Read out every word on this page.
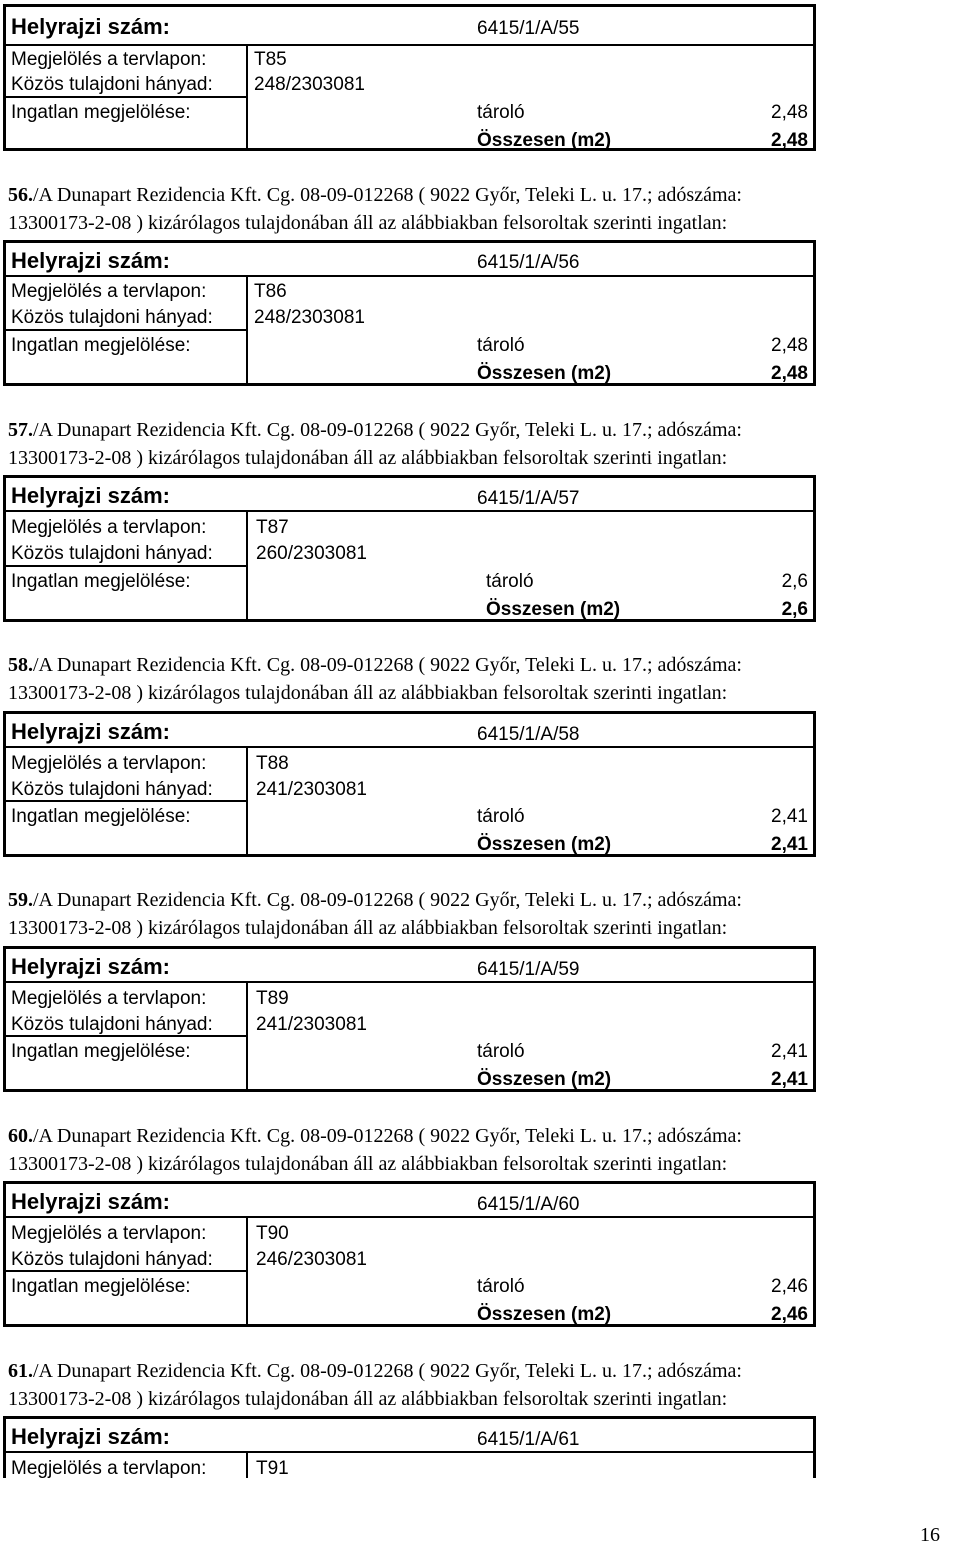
Helyrajzi szám:	6415/1/A/55
Megjelölés a tervlapon:	T85
Közös tulajdoni hányad: 248/2303081
Ingatlan megjelölése:	tároló	2,48
Összesen (m2)	2,48
56./A Dunapart Rezidencia Kft. Cg. 08-09-012268 ( 9022 Győr, Teleki L. u. 17.; adószáma:
13300173-2-08 ) kizárólagos tulajdonában áll az alábbiakban felsoroltak szerinti ingatlan:
Helyrajzi szám:	6415/1/A/56
Megjelölés a tervlapon:	T86
Közös tulajdoni hányad: 248/2303081
Ingatlan megjelölése:	tároló	2,48
Összesen (m2)	2,48
57./A Dunapart Rezidencia Kft. Cg. 08-09-012268 ( 9022 Győr, Teleki L. u. 17.; adószáma:
13300173-2-08 ) kizárólagos tulajdonában áll az alábbiakban felsoroltak szerinti ingatlan:
Helyrajzi szám:	6415/1/A/57
Megjelölés a tervlapon:	T87
Közös tulajdoni hányad: 260/2303081
Ingatlan megjelölése:	tároló	2,6
Összesen (m2)	2,6
58./A Dunapart Rezidencia Kft. Cg. 08-09-012268 ( 9022 Győr, Teleki L. u. 17.; adószáma:
13300173-2-08 ) kizárólagos tulajdonában áll az alábbiakban felsoroltak szerinti ingatlan:
Helyrajzi szám:	6415/1/A/58
Megjelölés a tervlapon:	T88
Közös tulajdoni hányad: 241/2303081
Ingatlan megjelölése:	tároló	2,41
Összesen (m2)	2,41
59./A Dunapart Rezidencia Kft. Cg. 08-09-012268 ( 9022 Győr, Teleki L. u. 17.; adószáma:
13300173-2-08 ) kizárólagos tulajdonában áll az alábbiakban felsoroltak szerinti ingatlan:
Helyrajzi szám:	6415/1/A/59
Megjelölés a tervlapon:	T89
Közös tulajdoni hányad: 241/2303081
Ingatlan megjelölése:	tároló	2,41
Összesen (m2)	2,41
60./A Dunapart Rezidencia Kft. Cg. 08-09-012268 ( 9022 Győr, Teleki L. u. 17.; adószáma:
13300173-2-08 ) kizárólagos tulajdonában áll az alábbiakban felsoroltak szerinti ingatlan:
Helyrajzi szám:	6415/1/A/60
Megjelölés a tervlapon:	T90
Közös tulajdoni hányad: 246/2303081
Ingatlan megjelölése:	tároló	2,46
Összesen (m2)	2,46
61./A Dunapart Rezidencia Kft. Cg. 08-09-012268 ( 9022 Győr, Teleki L. u. 17.; adószáma:
13300173-2-08 ) kizárólagos tulajdonában áll az alábbiakban felsoroltak szerinti ingatlan:
Helyrajzi szám:	6415/1/A/61
Megjelölés a tervlapon:	T91
16
